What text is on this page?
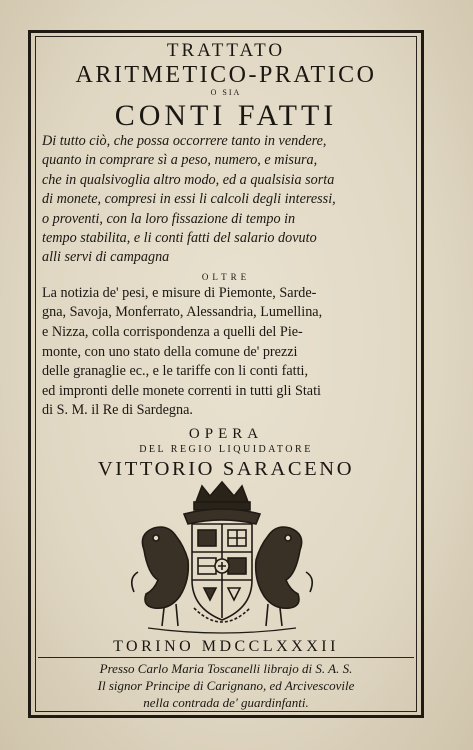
TRATTATO
ARITMETICO-PRATICO
O SIA
CONTI FATTI
Di tutto ciò, che possa occorrere tanto in vendere,
quanto in comprare sì a peso, numero, e misura,
che in qualsivoglia altro modo, ed a qualsisia sorta
di monete, compresi in essi li calcoli degli interessi,
o proventi, con la loro fissazione di tempo in
tempo stabilita, e li conti fatti del salario dovuto
alli servi di campagna
OLTRE
La notizia de' pesi, e misure di Piemonte, Sarde-
gna, Savoja, Monferrato, Alessandria, Lumellina,
e Nizza, colla corrispondenza a quelli del Pie-
monte, con uno stato della comune de' prezzi
delle granaglie ec., e le tariffe con li conti fatti,
ed impronti delle monete correnti in tutti gli Stati
di S. M. il Re di Sardegna.
OPERA
DEL REGIO LIQUIDATORE
VITTORIO SARACENO
TORINO MDCCLXXXII
Presso Carlo Maria Toscanelli librajo di S. A. S.
Il signor Principe di Carignano, ed Arcivescovile
nella contrada de' guardinfanti.
